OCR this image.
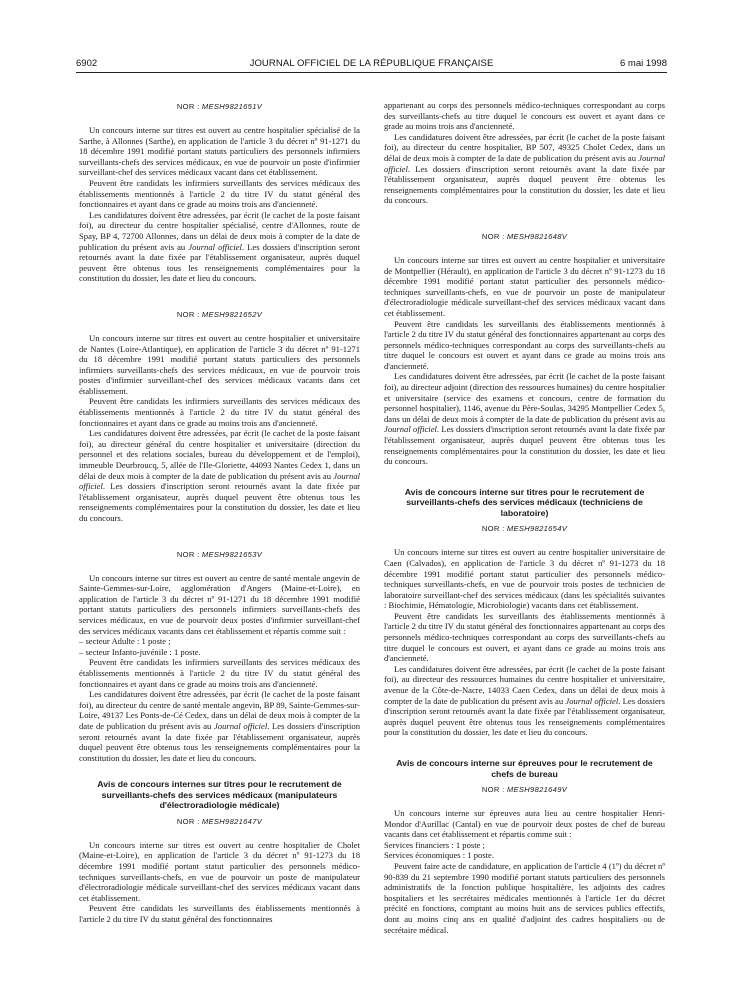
6902	JOURNAL OFFICIEL DE LA RÉPUBLIQUE FRANÇAISE	6 mai 1998
NOR : MESH9821651V

Un concours interne sur titres est ouvert au centre hospitalier spécialisé de la Sarthe, à Allonnes (Sarthe), en application de l'article 3 du décret nº 91-1271 du 18 décembre 1991 modifié portant statuts particuliers des personnels infirmiers surveillants-chefs des services médicaux, en vue de pourvoir un poste d'infirmier surveillant-chef des services médicaux vacant dans cet établissement.

Peuvent être candidats les infirmiers surveillants des services médicaux des établissements mentionnés à l'article 2 du titre IV du statut général des fonctionnaires et ayant dans ce grade au moins trois ans d'ancienneté.

Les candidatures doivent être adressées, par écrit (le cachet de la poste faisant foi), au directeur du centre hospitalier spécialisé, centre d'Allonnes, route de Spay, BP 4, 72700 Allonnes, dans un délai de deux mois à compter de la date de publication du présent avis au Journal officiel. Les dossiers d'inscription seront retournés avant la date fixée par l'établissement organisateur, auprès duquel peuvent être obtenus tous les renseignements complémentaires pour la constitution du dossier, les date et lieu du concours.

NOR : MESH9821652V

Un concours interne sur titres est ouvert au centre hospitalier et universitaire de Nantes (Loire-Atlantique), en application de l'article 3 du décret nº 91-1271 du 18 décembre 1991 modifié portant statuts particuliers des personnels infirmiers surveillants-chefs des services médicaux, en vue de pourvoir trois postes d'infirmier surveillant-chef des services médicaux vacants dans cet établissement.

Peuvent être candidats les infirmiers surveillants des services médicaux des établissements mentionnés à l'article 2 du titre IV du statut général des fonctionnaires et ayant dans ce grade au moins trois ans d'ancienneté.

Les candidatures doivent être adressées, par écrit (le cachet de la poste faisant foi), au directeur général du centre hospitalier et universitaire (direction du personnel et des relations sociales, bureau du développement et de l'emploi), immeuble Deurbroucq, 5, allée de l'Ile-Gloriette, 44093 Nantes Cedex 1, dans un délai de deux mois à compter de la date de publication du présent avis au Journal officiel. Les dossiers d'inscription seront retournés avant la date fixée par l'établissement organisateur, auprès duquel peuvent être obtenus tous les renseignements complémentaires pour la constitution du dossier, les date et lieu du concours.

NOR : MESH9821653V

Un concours interne sur titres est ouvert au centre de santé mentale angevin de Sainte-Gemmes-sur-Loire, agglomération d'Angers (Maine-et-Loire), en application de l'article 3 du décret nº 91-1271 du 18 décembre 1991 modifié portant statuts particuliers des personnels infirmiers surveillants-chefs des services médicaux, en vue de pourvoir deux postes d'infirmier surveillant-chef des services médicaux vacants dans cet établissement et répartis comme suit :

– secteur Adulte : 1 poste ;

– secteur Infanto-juvénile : 1 poste.

Peuvent être candidats les infirmiers surveillants des services médicaux des établissements mentionnés à l'article 2 du titre IV du statut général des fonctionnaires et ayant dans ce grade au moins trois ans d'ancienneté.

Les candidatures doivent être adressées, par écrit (le cachet de la poste faisant foi), au directeur du centre de santé mentale angevin, BP 89, Sainte-Gemmes-sur-Loire, 49137 Les Ponts-de-Cé Cedex, dans un délai de deux mois à compter de la date de publication du présent avis au Journal officiel. Les dossiers d'inscription seront retournés avant la date fixée par l'établissement organisateur, auprès duquel peuvent être obtenus tous les renseignements complémentaires pour la constitution du dossier, les date et lieu du concours.

Avis de concours internes sur titres pour le recrutement de surveillants-chefs des services médicaux (manipulateurs d'électroradiologie médicale)
NOR : MESH9821647V

Un concours interne sur titres est ouvert au centre hospitalier de Cholet (Maine-et-Loire), en application de l'article 3 du décret nº 91-1273 du 18 décembre 1991 modifié portant statut particulier des personnels médico-techniques surveillants-chefs, en vue de pourvoir un poste de manipulateur d'électroradiologie médicale surveillant-chef des services médicaux vacant dans cet établissement.

Peuvent être candidats les surveillants des établissements mentionnés à l'article 2 du titre IV du statut général des fonctionnaires

appartenant au corps des personnels médico-techniques correspondant au corps des surveillants-chefs au titre duquel le concours est ouvert et ayant dans ce grade au moins trois ans d'ancienneté.

Les candidatures doivent être adressées, par écrit (le cachet de la poste faisant foi), au directeur du centre hospitalier, BP 507, 49325 Cholet Cedex, dans un délai de deux mois à compter de la date de publication du présent avis au Journal officiel. Les dossiers d'inscription seront retournés avant la date fixée par l'établissement organisateur, auprès duquel peuvent être obtenus les renseignements complémentaires pour la constitution du dossier, les date et lieu du concours.

NOR : MESH9821648V

Un concours interne sur titres est ouvert au centre hospitalier et universitaire de Montpellier (Hérault), en application de l'article 3 du décret nº 91-1273 du 18 décembre 1991 modifié portant statut particulier des personnels médico-techniques surveillants-chefs, en vue de pourvoir un poste de manipulateur d'électroradiologie médicale surveillant-chef des services médicaux vacant dans cet établissement.

Peuvent être candidats les surveillants des établissements mentionnés à l'article 2 du titre IV du statut général des fonctionnaires appartenant au corps des personnels médico-techniques correspondant au corps des surveillants-chefs au titre duquel le concours est ouvert et ayant dans ce grade au moins trois ans d'ancienneté.

Les candidatures doivent être adressées, par écrit (le cachet de la poste faisant foi), au directeur adjoint (direction des ressources humaines) du centre hospitalier et universitaire (service des examens et concours, centre de formation du personnel hospitalier), 1146, avenue du Père-Soulas, 34295 Montpellier Cedex 5, dans un délai de deux mois à compter de la date de publication du présent avis au Journal officiel. Les dossiers d'inscription seront retournés avant la date fixée par l'établissement organisateur, auprès duquel peuvent être obtenus tous les renseignements complémentaires pour la constitution du dossier, les date et lieu du concours.

Avis de concours interne sur titres pour le recrutement de surveillants-chefs des services médicaux (techniciens de laboratoire)
NOR : MESH9821654V

Un concours interne sur titres est ouvert au centre hospitalier universitaire de Caen (Calvados), en application de l'article 3 du décret nº 91-1273 du 18 décembre 1991 modifié portant statut particulier des personnels médico-techniques surveillants-chefs, en vue de pourvoir trois postes de technicien de laboratoire surveillant-chef des services médicaux (dans les spécialités suivantes : Biochimie, Hématologie, Microbiologie) vacants dans cet établissement.

Peuvent être candidats les surveillants des établissements mentionnés à l'article 2 du titre IV du statut général des fonctionnaires appartenant au corps des personnels médico-techniques correspondant au corps des surveillants-chefs au titre duquel le concours est ouvert, et ayant dans ce grade au moins trois ans d'ancienneté.

Les candidatures doivent être adressées, par écrit (le cachet de la poste faisant foi), au directeur des ressources humaines du centre hospitalier et universitaire, avenue de la Côte-de-Nacre, 14033 Caen Cedex, dans un délai de deux mois à compter de la date de publication du présent avis au Journal officiel. Les dossiers d'inscription seront retournés avant la date fixée par l'établissement organisateur, auprès duquel peuvent être obtenus tous les renseignements complémentaires pour la constitution du dossier, les date et lieu du concours.

Avis de concours interne sur épreuves pour le recrutement de chefs de bureau
NOR : MESH9821649V

Un concours interne sur épreuves aura lieu au centre hospitalier Henri-Mondor d'Aurillac (Cantal) en vue de pourvoir deux postes de chef de bureau vacants dans cet établissement et répartis comme suit :

Services financiers : 1 poste ;

Services économiques : 1 poste.

Peuvent faire acte de candidature, en application de l'article 4 (1º) du décret nº 90-839 du 21 septembre 1990 modifié portant statuts particuliers des personnels administratifs de la fonction publique hospitalière, les adjoints des cadres hospitaliers et les secrétaires médicales mentionnés à l'article 1er du décret précité en fonctions, comptant au moins huit ans de services publics effectifs, dont au moins cinq ans en qualité d'adjoint des cadres hospitaliers ou de secrétaire médical.
